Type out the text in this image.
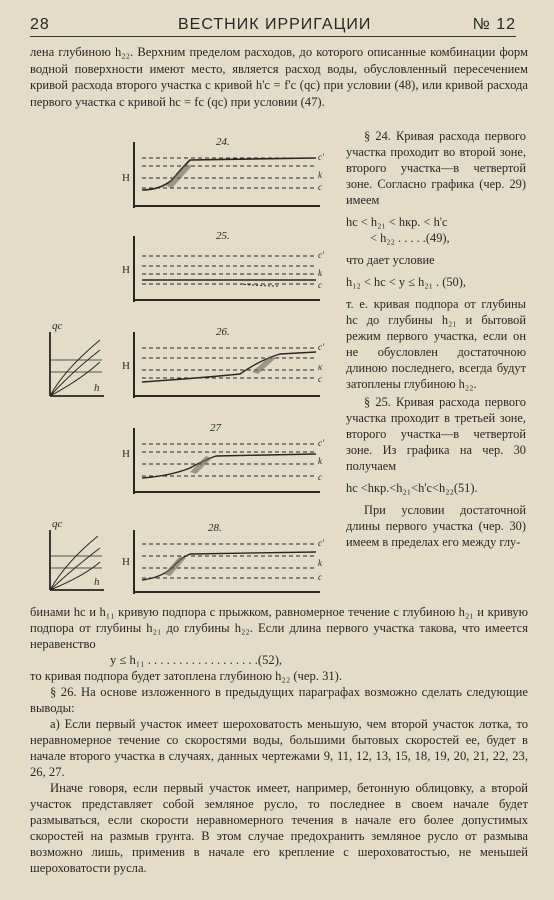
28	ВЕСТНИК ИРРИГАЦИИ	№ 12

лена глубиною h₂₂. Верхним пределом расходов, до которого описанные комбинации форм водной поверхности имеют место, является расход воды, обусловленный пересечением кривой расхода второго участка с кривой h'c = f'c (qc) при условии (48), или кривой расхода первого участка с кривой hc = fc (qc) при условии (47).

24.
H
c'
k
c
25.
H
c'
k
c
qc
h
26.
H
c'
к
c
27
H
c'
k
c
qc
h
28.
H
c'
k
c

§ 24. Кривая расхода первого участка проходит во второй зоне, второго участка—в четвертой зоне. Согласно графика (чер. 29) имеем

hc < h₂₁ < hкр. < h'c

< h₂₂ . . . . .(49),

что дает условие

h₁₂ < hc < y ≤ h₂₁ . (50),

т. е. кривая подпора от глубины hc до глубины h₂₁ и бытовой режим первого участка, если он не обусловлен достаточною длиною последнего, всегда будут затоплены глубиною h₂₂.

§ 25. Кривая расхода первого участка проходит в третьей зоне, второго участка—в четвертой зоне. Из графика на чер. 30 получаем

hc <hкр.<h₂₁<h'c<h₂₂(51).

При условии достаточной длины первого участка (чер. 30) имеем в пределах его между глу-

бинами hc и h₁₁ кривую подпора с прыжком, равномерное течение с глубиною h₂₁ и кривую подпора от глубины h₂₁ до глубины h₂₂. Если длина первого участка такова, что имеется неравенство

y ≤ h₁₁ . . . . . . . . . . . . . . . . . .(52),

то кривая подпора будет затоплена глубиною h₂₂ (чер. 31).

§ 26. На основе изложенного в предыдущих параграфах возможно сделать следующие выводы:

а) Если первый участок имеет шероховатость меньшую, чем второй участок лотка, то неравномерное течение со скоростями воды, большими бытовых скоростей ее, будет в начале второго участка в случаях, данных чертежами 9, 11, 12, 13, 15, 18, 19, 20, 21, 22, 23, 26, 27.

Иначе говоря, если первый участок имеет, например, бетонную облицовку, а второй участок представляет собой земляное русло, то последнее в своем начале будет размываться, если скорости неравномерного течения в начале его более допустимых скоростей на размыв грунта. В этом случае предохранить земляное русло от размыва возможно лишь, применив в начале его крепление с шероховатостью, не меньшей шероховатости русла.
